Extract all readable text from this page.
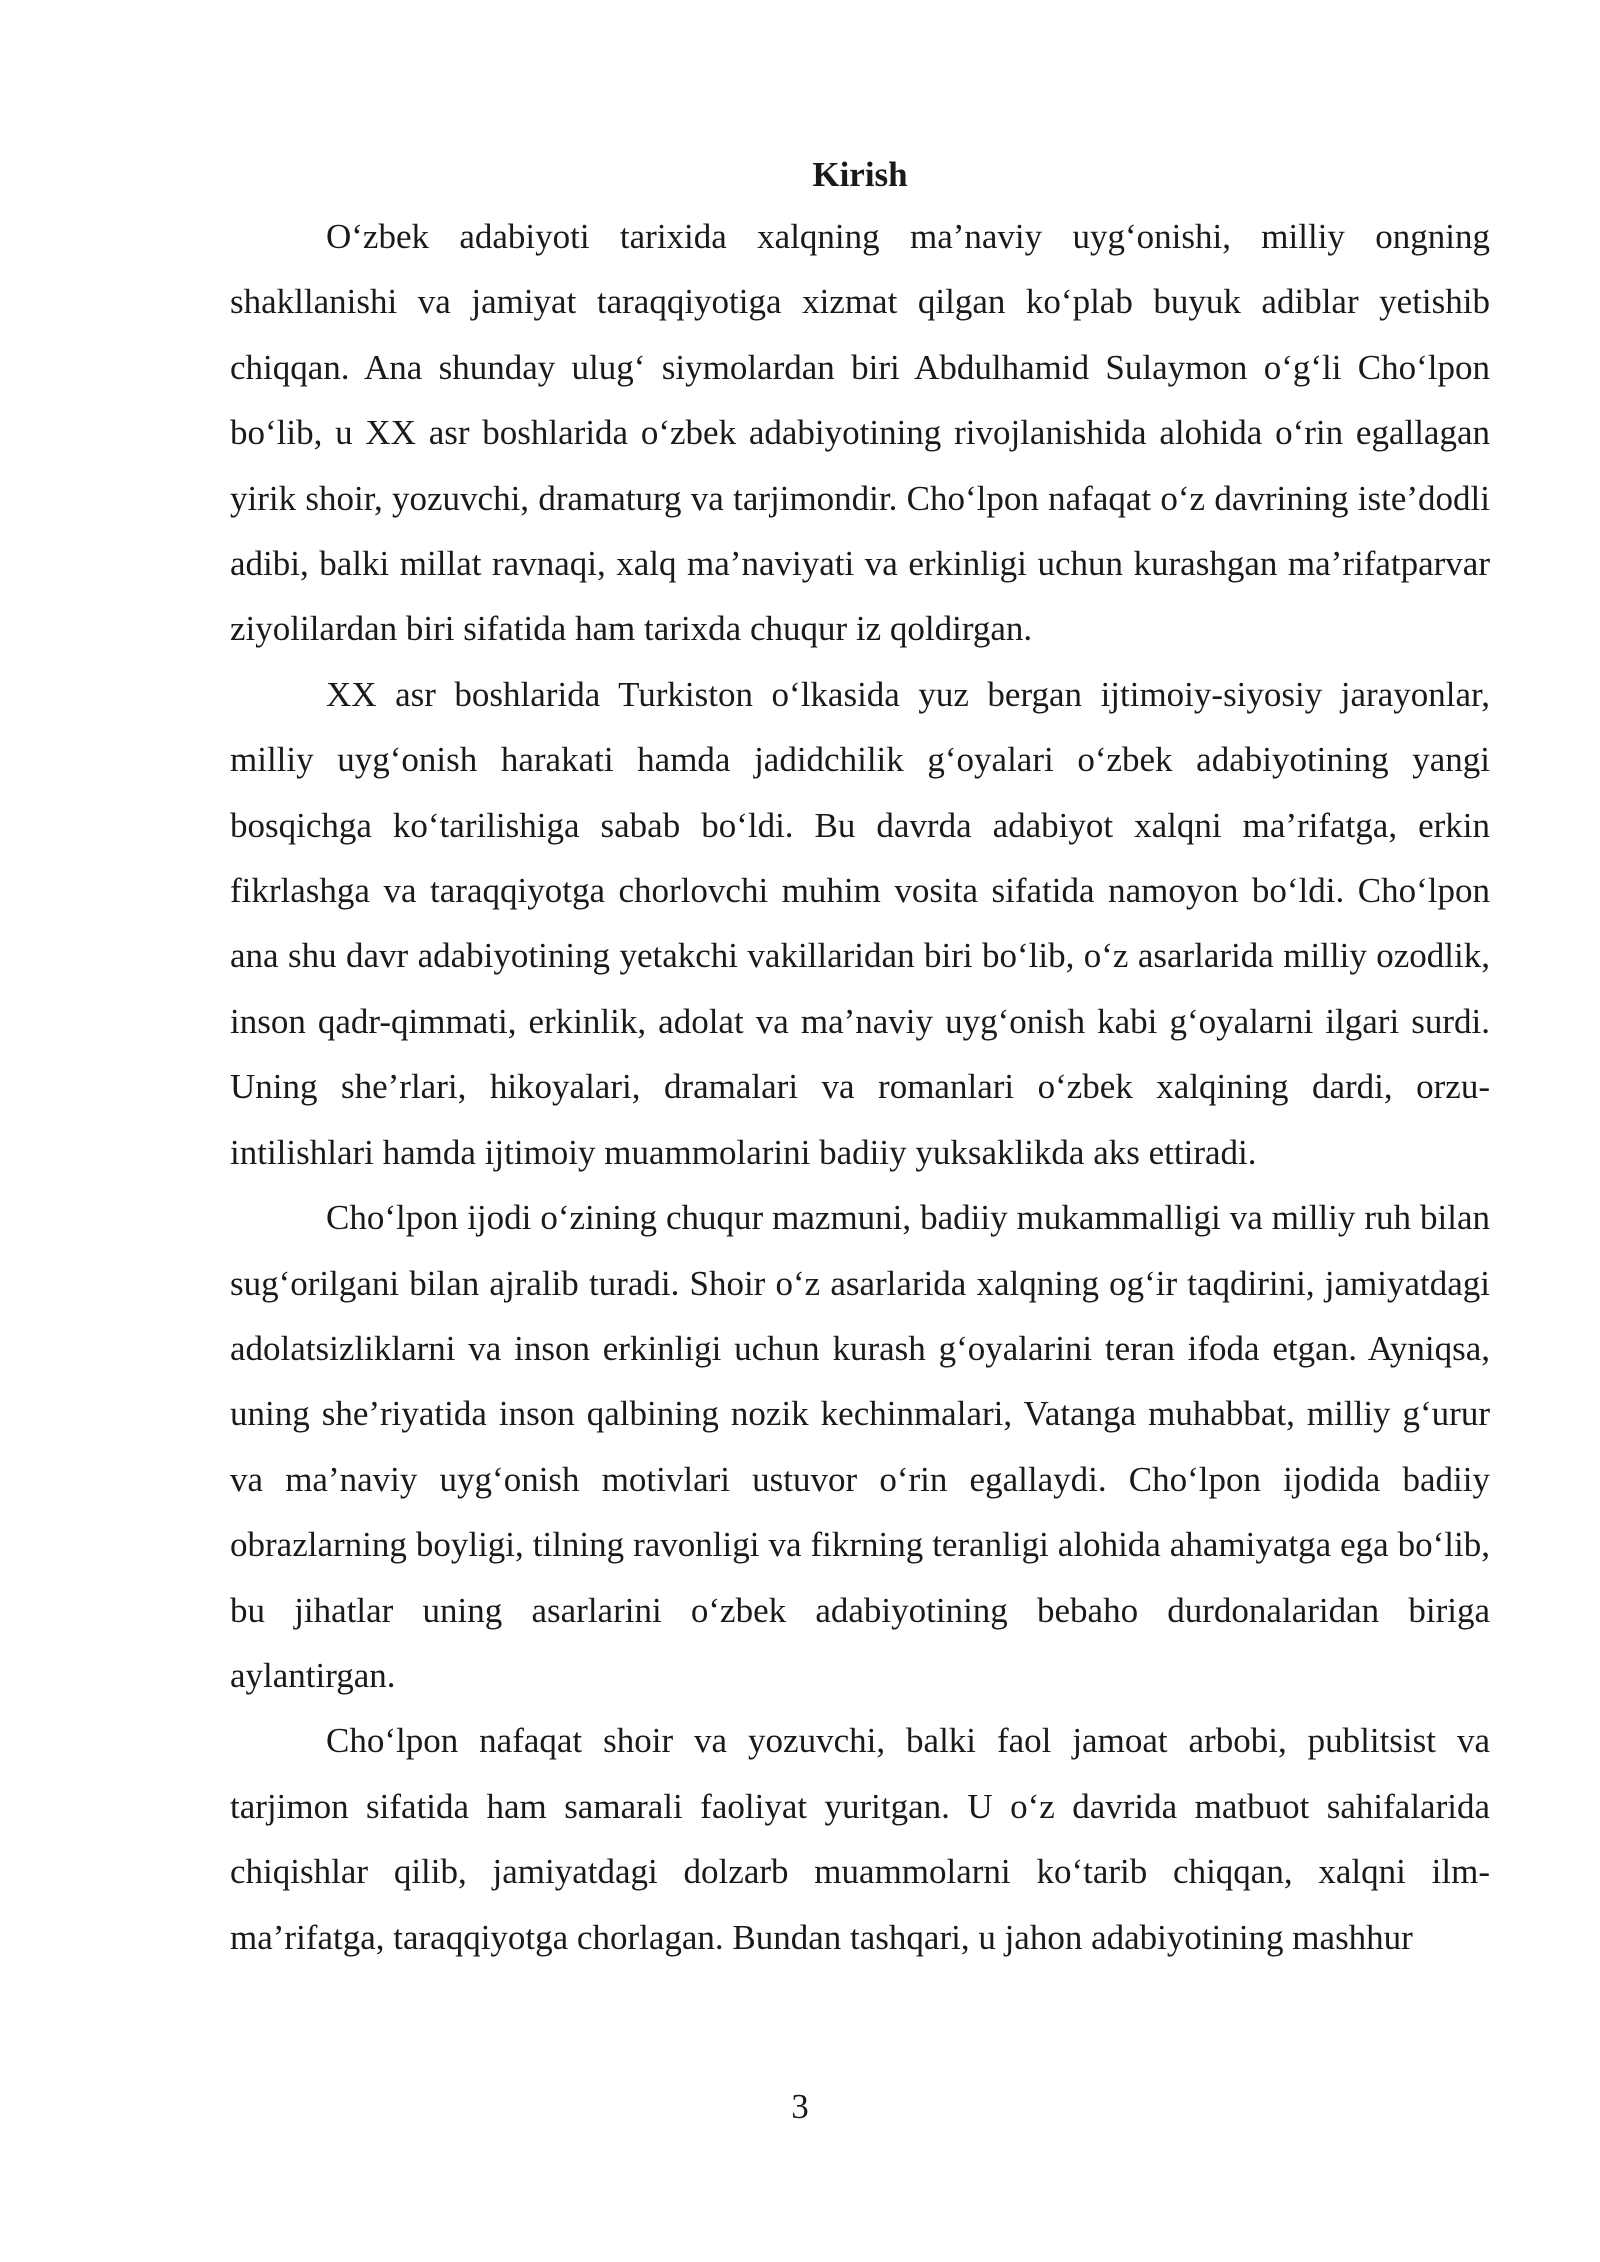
Kirish

O‘zbek adabiyoti tarixida xalqning ma’naviy uyg‘onishi, milliy ongning shakllanishi va jamiyat taraqqiyotiga xizmat qilgan ko‘plab buyuk adiblar yetishib chiqqan. Ana shunday ulug‘ siymolardan biri Abdulhamid Sulaymon o‘g‘li Cho‘lpon bo‘lib, u XX asr boshlarida o‘zbek adabiyotining rivojlanishida alohida o‘rin egallagan yirik shoir, yozuvchi, dramaturg va tarjimondir. Cho‘lpon nafaqat o‘z davrining iste’dodli adibi, balki millat ravnaqi, xalq ma’naviyati va erkinligi uchun kurashgan ma’rifatparvar ziyolilardan biri sifatida ham tarixda chuqur iz qoldirgan.

XX asr boshlarida Turkiston o‘lkasida yuz bergan ijtimoiy-siyosiy jarayonlar, milliy uyg‘onish harakati hamda jadidchilik g‘oyalari o‘zbek adabiyotining yangi bosqichga ko‘tarilishiga sabab bo‘ldi. Bu davrda adabiyot xalqni ma’rifatga, erkin fikrlashga va taraqqiyotga chorlovchi muhim vosita sifatida namoyon bo‘ldi. Cho‘lpon ana shu davr adabiyotining yetakchi vakillaridan biri bo‘lib, o‘z asarlarida milliy ozodlik, inson qadr-qimmati, erkinlik, adolat va ma’naviy uyg‘onish kabi g‘oyalarni ilgari surdi. Uning she’rlari, hikoyalari, dramalari va romanlari o‘zbek xalqining dardi, orzu-intilishlari hamda ijtimoiy muammolarini badiiy yuksaklikda aks ettiradi.

Cho‘lpon ijodi o‘zining chuqur mazmuni, badiiy mukammalligi va milliy ruh bilan sug‘orilgani bilan ajralib turadi. Shoir o‘z asarlarida xalqning og‘ir taqdirini, jamiyatdagi adolatsizliklarni va inson erkinligi uchun kurash g‘oyalarini teran ifoda etgan. Ayniqsa, uning she’riyatida inson qalbining nozik kechinmalari, Vatanga muhabbat, milliy g‘urur va ma’naviy uyg‘onish motivlari ustuvor o‘rin egallaydi. Cho‘lpon ijodida badiiy obrazlarning boyligi, tilning ravonligi va fikrning teranligi alohida ahamiyatga ega bo‘lib, bu jihatlar uning asarlarini o‘zbek adabiyotining bebaho durdonalaridan biriga aylantirgan.

Cho‘lpon nafaqat shoir va yozuvchi, balki faol jamoat arbobi, publitsist va tarjimon sifatida ham samarali faoliyat yuritgan. U o‘z davrida matbuot sahifalarida chiqishlar qilib, jamiyatdagi dolzarb muammolarni ko‘tarib chiqqan, xalqni ilm-ma’rifatga, taraqqiyotga chorlagan. Bundan tashqari, u jahon adabiyotining mashhur

3
